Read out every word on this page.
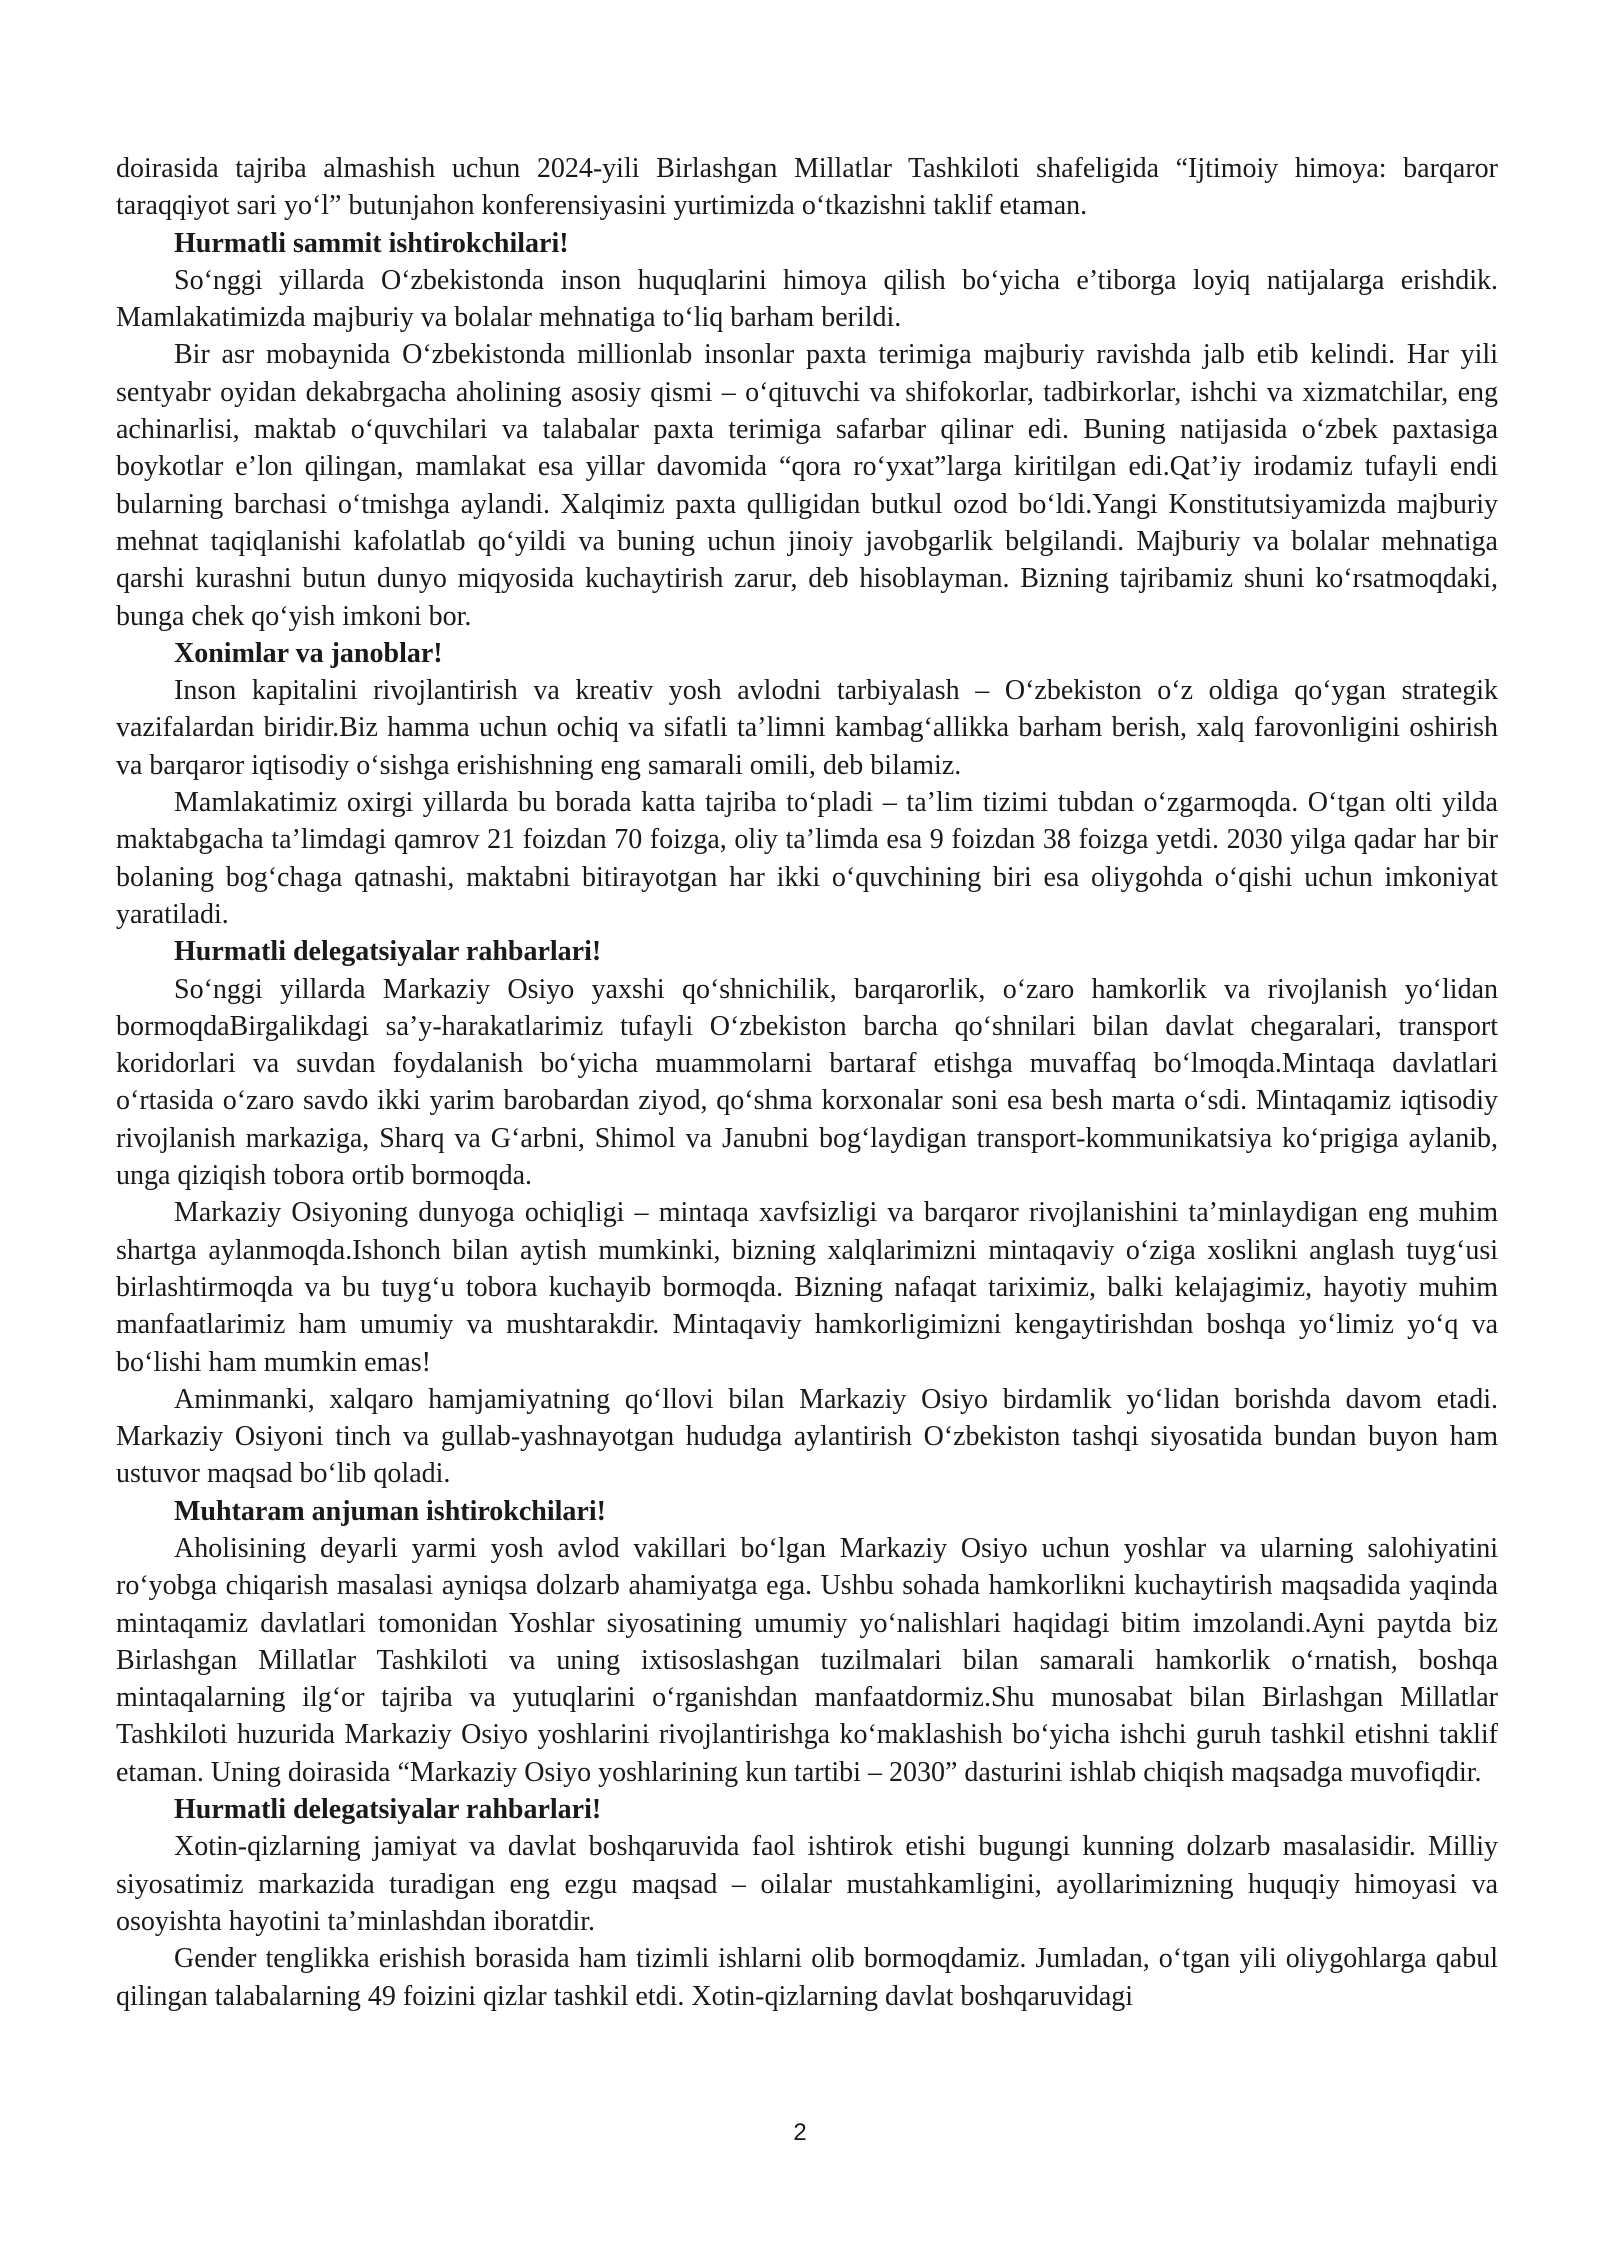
doirasida tajriba almashish uchun 2024-yili Birlashgan Millatlar Tashkiloti shafeligida “Ijtimoiy himoya: barqaror taraqqiyot sari yo‘l” butunjahon konferensiyasini yurtimizda o‘tkazishni taklif etaman.

Hurmatli sammit ishtirokchilari!

So‘nggi yillarda O‘zbekistonda inson huquqlarini himoya qilish bo‘yicha e’tiborga loyiq natijalarga erishdik. Mamlakatimizda majburiy va bolalar mehnatiga to‘liq barham berildi.

Bir asr mobaynida O‘zbekistonda millionlab insonlar paxta terimiga majburiy ravishda jalb etib kelindi. Har yili sentyabr oyidan dekabrgacha aholining asosiy qismi – o‘qituvchi va shifokorlar, tadbirkorlar, ishchi va xizmatchilar, eng achinarlisi, maktab o‘quvchilari va talabalar paxta terimiga safarbar qilinar edi. Buning natijasida o‘zbek paxtasiga boykotlar e’lon qilingan, mamlakat esa yillar davomida “qora ro‘yxat”larga kiritilgan edi.Qat’iy irodamiz tufayli endi bularning barchasi o‘tmishga aylandi. Xalqimiz paxta qulligidan butkul ozod bo‘ldi.Yangi Konstitutsiyamizda majburiy mehnat taqiqlanishi kafolatlab qo‘yildi va buning uchun jinoiy javobgarlik belgilandi. Majburiy va bolalar mehnatiga qarshi kurashni butun dunyo miqyosida kuchaytirish zarur, deb hisoblayman. Bizning tajribamiz shuni ko‘rsatmoqdaki, bunga chek qo‘yish imkoni bor.

Xonimlar va janoblar!

Inson kapitalini rivojlantirish va kreativ yosh avlodni tarbiyalash – O‘zbekiston o‘z oldiga qo‘ygan strategik vazifalardan biridir.Biz hamma uchun ochiq va sifatli ta’limni kambag‘allikka barham berish, xalq farovonligini oshirish va barqaror iqtisodiy o‘sishga erishishning eng samarali omili, deb bilamiz.

Mamlakatimiz oxirgi yillarda bu borada katta tajriba to‘pladi – ta’lim tizimi tubdan o‘zgarmoqda. O‘tgan olti yilda maktabgacha ta’limdagi qamrov 21 foizdan 70 foizga, oliy ta’limda esa 9 foizdan 38 foizga yetdi. 2030 yilga qadar har bir bolaning bog‘chaga qatnashi, maktabni bitirayotgan har ikki o‘quvchining biri esa oliygohda o‘qishi uchun imkoniyat yaratiladi.

Hurmatli delegatsiyalar rahbarlari!

So‘nggi yillarda Markaziy Osiyo yaxshi qo‘shnichilik, barqarorlik, o‘zaro hamkorlik va rivojlanish yo‘lidan bormoqdaBirgalikdagi sa’y-harakatlarimiz tufayli O‘zbekiston barcha qo‘shnilari bilan davlat chegaralari, transport koridorlari va suvdan foydalanish bo‘yicha muammolarni bartaraf etishga muvaffaq bo‘lmoqda.Mintaqa davlatlari o‘rtasida o‘zaro savdo ikki yarim barobardan ziyod, qo‘shma korxonalar soni esa besh marta o‘sdi. Mintaqamiz iqtisodiy rivojlanish markaziga, Sharq va G‘arbni, Shimol va Janubni bog‘laydigan transport-kommunikatsiya ko‘prigiga aylanib, unga qiziqish tobora ortib bormoqda.

Markaziy Osiyoning dunyoga ochiqligi – mintaqa xavfsizligi va barqaror rivojlanishini ta’minlaydigan eng muhim shartga aylanmoqda.Ishonch bilan aytish mumkinki, bizning xalqlarimizni mintaqaviy o‘ziga xoslikni anglash tuyg‘usi birlashtirmoqda va bu tuyg‘u tobora kuchayib bormoqda. Bizning nafaqat tariximiz, balki kelajagimiz, hayotiy muhim manfaatlarimiz ham umumiy va mushtarakdir. Mintaqaviy hamkorligimizni kengaytirishdan boshqa yo‘limiz yo‘q va bo‘lishi ham mumkin emas!

Aminmanki, xalqaro hamjamiyatning qo‘llovi bilan Markaziy Osiyo birdamlik yo‘lidan borishda davom etadi. Markaziy Osiyoni tinch va gullab-yashnayotgan hududga aylantirish O‘zbekiston tashqi siyosatida bundan buyon ham ustuvor maqsad bo‘lib qoladi.

Muhtaram anjuman ishtirokchilari!

Aholisining deyarli yarmi yosh avlod vakillari bo‘lgan Markaziy Osiyo uchun yoshlar va ularning salohiyatini ro‘yobga chiqarish masalasi ayniqsa dolzarb ahamiyatga ega. Ushbu sohada hamkorlikni kuchaytirish maqsadida yaqinda mintaqamiz davlatlari tomonidan Yoshlar siyosatining umumiy yo‘nalishlari haqidagi bitim imzolandi.Ayni paytda biz Birlashgan Millatlar Tashkiloti va uning ixtisoslashgan tuzilmalari bilan samarali hamkorlik o‘rnatish, boshqa mintaqalarning ilg‘or tajriba va yutuqlarini o‘rganishdan manfaatdormiz.Shu munosabat bilan Birlashgan Millatlar Tashkiloti huzurida Markaziy Osiyo yoshlarini rivojlantirishga ko‘maklashish bo‘yicha ishchi guruh tashkil etishni taklif etaman. Uning doirasida “Markaziy Osiyo yoshlarining kun tartibi – 2030” dasturini ishlab chiqish maqsadga muvofiqdir.

Hurmatli delegatsiyalar rahbarlari!

Xotin-qizlarning jamiyat va davlat boshqaruvida faol ishtirok etishi bugungi kunning dolzarb masalasidir. Milliy siyosatimiz markazida turadigan eng ezgu maqsad – oilalar mustahkamligini, ayollarimizning huquqiy himoyasi va osoyishta hayotini ta’minlashdan iboratdir.

Gender tenglikka erishish borasida ham tizimli ishlarni olib bormoqdamiz. Jumladan, o‘tgan yili oliygohlarga qabul qilingan talabalarning 49 foizini qizlar tashkil etdi. Xotin-qizlarning davlat boshqaruvidagi

2
